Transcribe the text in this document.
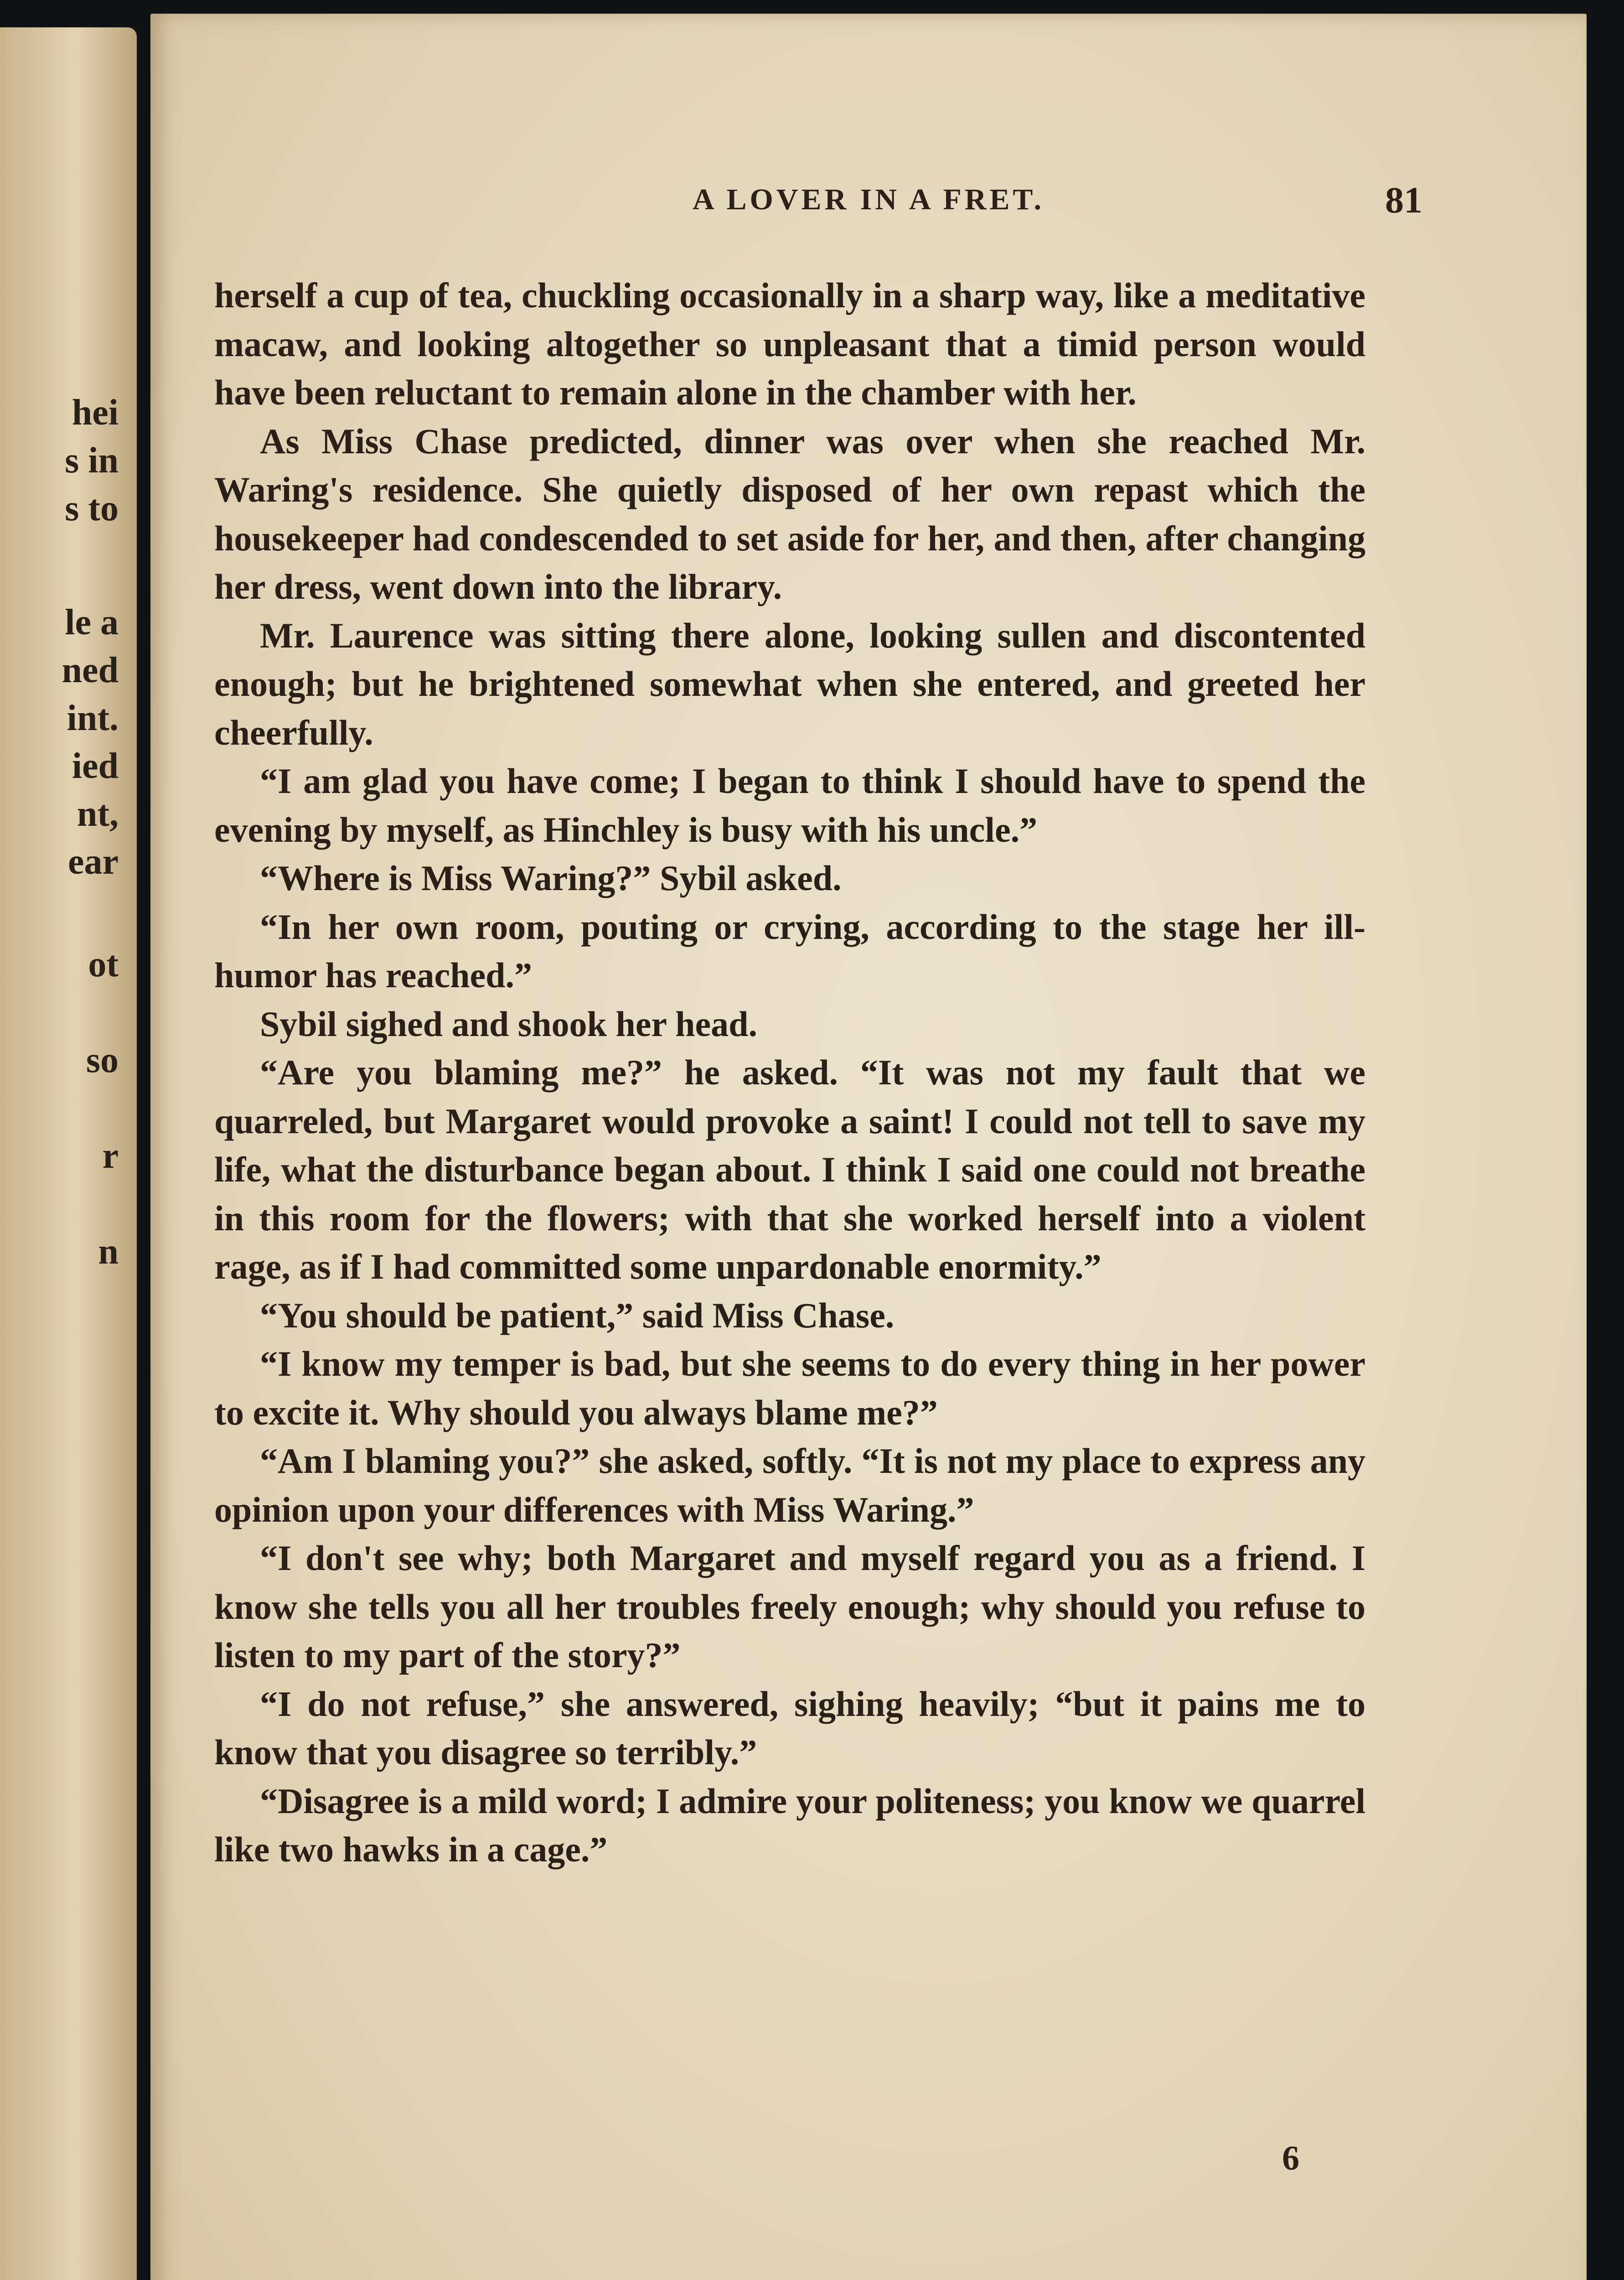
hei
s in
s to
le a
ned
int.
ied
nt,
ear
ot
so
r
n
A LOVER IN A FRET.	81

herself a cup of tea, chuckling occasionally in a sharp way, like a meditative macaw, and looking altogether so unpleasant that a timid person would have been reluctant to remain alone in the chamber with her.

As Miss Chase predicted, dinner was over when she reached Mr. Waring's residence. She quietly disposed of her own repast which the housekeeper had condescended to set aside for her, and then, after changing her dress, went down into the library.

Mr. Laurence was sitting there alone, looking sullen and discontented enough; but he brightened somewhat when she entered, and greeted her cheerfully.

“I am glad you have come; I began to think I should have to spend the evening by myself, as Hinchley is busy with his uncle.”

“Where is Miss Waring?” Sybil asked.

“In her own room, pouting or crying, according to the stage her ill-humor has reached.”

Sybil sighed and shook her head.

“Are you blaming me?” he asked. “It was not my fault that we quarreled, but Margaret would provoke a saint! I could not tell to save my life, what the disturbance began about. I think I said one could not breathe in this room for the flowers; with that she worked herself into a violent rage, as if I had committed some unpardonable enormity.”

“You should be patient,” said Miss Chase.

“I know my temper is bad, but she seems to do every thing in her power to excite it. Why should you always blame me?”

“Am I blaming you?” she asked, softly. “It is not my place to express any opinion upon your differences with Miss Waring.”

“I don't see why; both Margaret and myself regard you as a friend. I know she tells you all her troubles freely enough; why should you refuse to listen to my part of the story?”

“I do not refuse,” she answered, sighing heavily; “but it pains me to know that you disagree so terribly.”

“Disagree is a mild word; I admire your politeness; you know we quarrel like two hawks in a cage.”

6
